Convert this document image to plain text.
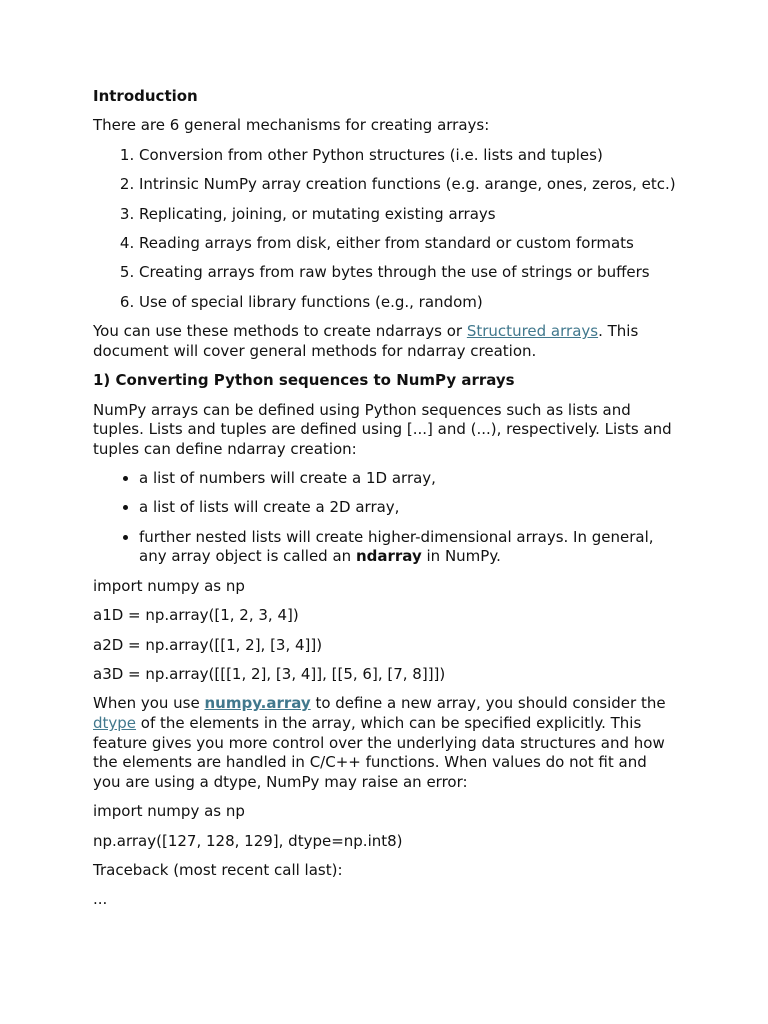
Introduction

There are 6 general mechanisms for creating arrays:

1. Conversion from other Python structures (i.e. lists and tuples)
2. Intrinsic NumPy array creation functions (e.g. arange, ones, zeros, etc.)
3. Replicating, joining, or mutating existing arrays
4. Reading arrays from disk, either from standard or custom formats
5. Creating arrays from raw bytes through the use of strings or buffers
6. Use of special library functions (e.g., random)

You can use these methods to create ndarrays or Structured arrays. This document will cover general methods for ndarray creation.

1) Converting Python sequences to NumPy arrays

NumPy arrays can be defined using Python sequences such as lists and tuples. Lists and tuples are defined using [...] and (...), respectively. Lists and tuples can define ndarray creation:

• a list of numbers will create a 1D array,
• a list of lists will create a 2D array,
• further nested lists will create higher-dimensional arrays. In general, any array object is called an ndarray in NumPy.

import numpy as np

a1D = np.array([1, 2, 3, 4])

a2D = np.array([[1, 2], [3, 4]])

a3D = np.array([[[1, 2], [3, 4]], [[5, 6], [7, 8]]])

When you use numpy.array to define a new array, you should consider the dtype of the elements in the array, which can be specified explicitly. This feature gives you more control over the underlying data structures and how the elements are handled in C/C++ functions. When values do not fit and you are using a dtype, NumPy may raise an error:

import numpy as np

np.array([127, 128, 129], dtype=np.int8)

Traceback (most recent call last):

...
